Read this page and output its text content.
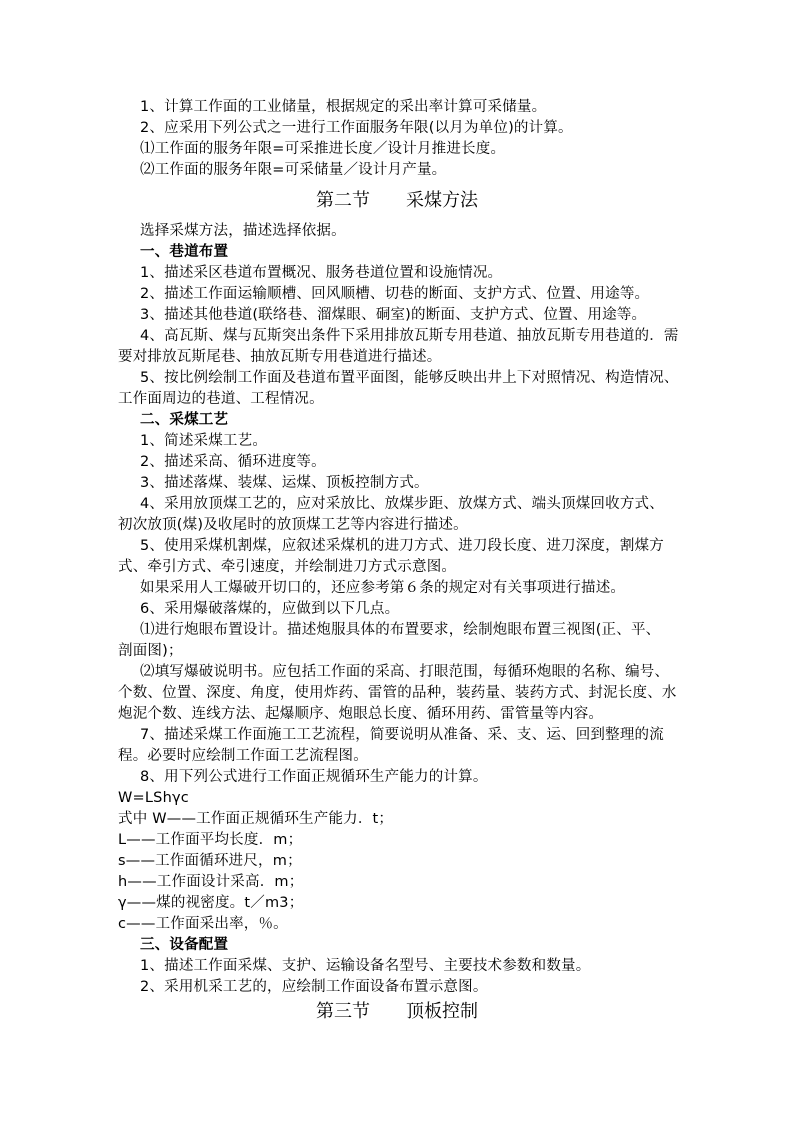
1、计算工作面的工业储量，根据规定的采出率计算可采储量。
2、应采用下列公式之一进行工作面服务年限(以月为单位)的计算。
⑴工作面的服务年限=可采推进长度／设计月推进长度。
⑵工作面的服务年限=可采储量／设计月产量。
第二节　　采煤方法
选择采煤方法，描述选择依据。
一、巷道布置
1、描述采区巷道布置概况、服务巷道位置和设施情况。
2、描述工作面运输顺槽、回风顺槽、切巷的断面、支护方式、位置、用途等。
3、描述其他巷道(联络巷、溜煤眼、硐室)的断面、支护方式、位置、用途等。
4、高瓦斯、煤与瓦斯突出条件下采用排放瓦斯专用巷道、抽放瓦斯专用巷道的．需
要对排放瓦斯尾巷、抽放瓦斯专用巷道进行描述。
5、按比例绘制工作面及巷道布置平面图，能够反映出井上下对照情况、构造情况、
工作面周边的巷道、工程情况。
二、采煤工艺
1、简述采煤工艺。
2、描述采高、循环进度等。
3、描述落煤、装煤、运煤、顶板控制方式。
4、采用放顶煤工艺的，应对采放比、放煤步距、放煤方式、端头顶煤回收方式、
初次放顶(煤)及收尾时的放顶煤工艺等内容进行描述。
5、使用采煤机割煤，应叙述采煤机的进刀方式、进刀段长度、进刀深度，割煤方
式、牵引方式、牵引速度，并绘制进刀方式示意图。
如果采用人工爆破开切口的，还应参考第６条的规定对有关事项进行描述。
6、采用爆破落煤的，应做到以下几点。
⑴进行炮眼布置设计。描述炮服具体的布置要求，绘制炮眼布置三视图(正、平、
剖面图)；
⑵填写爆破说明书。应包括工作面的采高、打眼范围，每循环炮眼的名称、编号、
个数、位置、深度、角度，使用炸药、雷管的品种，装药量、装药方式、封泥长度、水
炮泥个数、连线方法、起爆顺序、炮眼总长度、循环用药、雷管量等内容。
7、描述采煤工作面施工工艺流程，简要说明从准备、采、支、运、回到整理的流
程。必要时应绘制工作面工艺流程图。
8、用下列公式进行工作面正规循环生产能力的计算。
W=LShγc
式中 W——工作面正规循环生产能力．t；
L——工作面平均长度．m；
s——工作面循环进尺，m；
h——工作面设计采高．m；
γ——煤的视密度。t／m3；
c——工作面采出率，％。
三、设备配置
1、描述工作面采煤、支护、运输设备名型号、主要技术参数和数量。
2、采用机采工艺的，应绘制工作面设备布置示意图。
第三节　　顶板控制
